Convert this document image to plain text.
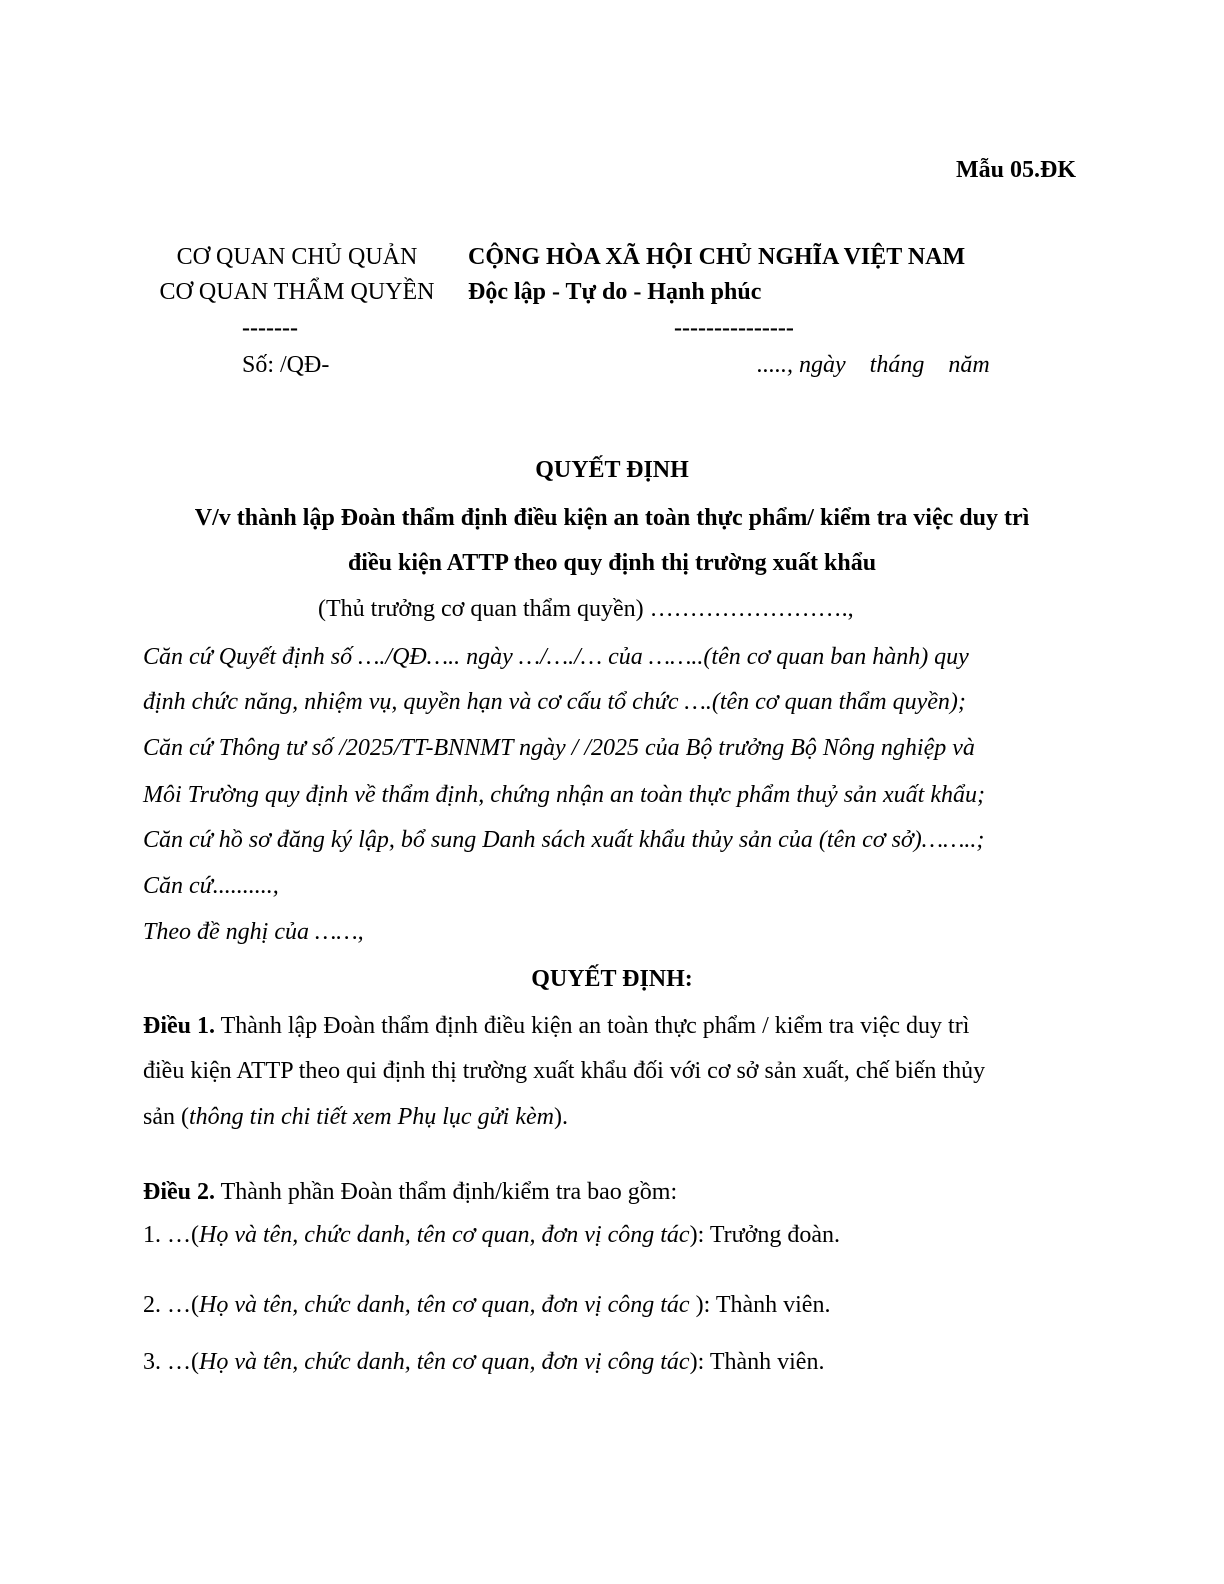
Mẫu 05.ĐK
CƠ QUAN CHỦ QUẢN
CƠ QUAN THẨM QUYỀN
-------
Số: /QĐ-
CỘNG HÒA XÃ HỘI CHỦ NGHĨA VIỆT NAM
Độc lập - Tự do - Hạnh phúc
---------------
....., ngày    tháng    năm
QUYẾT ĐỊNH
V/v thành lập Đoàn thẩm định điều kiện an toàn thực phẩm/ kiểm tra việc duy trì
điều kiện ATTP theo quy định thị trường xuất khẩu
(Thủ trưởng cơ quan thẩm quyền) …………………….,
Căn cứ Quyết định số …./QĐ….. ngày …/…./… của ……..(tên cơ quan ban hành) quy
định chức năng, nhiệm vụ, quyền hạn và cơ cấu tổ chức ….(tên cơ quan thẩm quyền);
Căn cứ Thông tư số /2025/TT-BNNMT ngày / /2025 của Bộ trưởng Bộ Nông nghiệp và
Môi Trường quy định về thẩm định, chứng nhận an toàn thực phẩm thuỷ sản xuất khẩu;
Căn cứ hồ sơ đăng ký lập, bổ sung Danh sách xuất khẩu thủy sản của (tên cơ sở)……..;
Căn cứ..........,
Theo đề nghị của ……,
QUYẾT ĐỊNH:
Điều 1. Thành lập Đoàn thẩm định điều kiện an toàn thực phẩm / kiểm tra việc duy trì
điều kiện ATTP theo qui định thị trường xuất khẩu đối với cơ sở sản xuất, chế biến thủy
sản (thông tin chi tiết xem Phụ lục gửi kèm).
Điều 2. Thành phần Đoàn thẩm định/kiểm tra bao gồm:
1. …(Họ và tên, chức danh, tên cơ quan, đơn vị công tác): Trưởng đoàn.
2. …(Họ và tên, chức danh, tên cơ quan, đơn vị công tác ): Thành viên.
3. …(Họ và tên, chức danh, tên cơ quan, đơn vị công tác): Thành viên.
